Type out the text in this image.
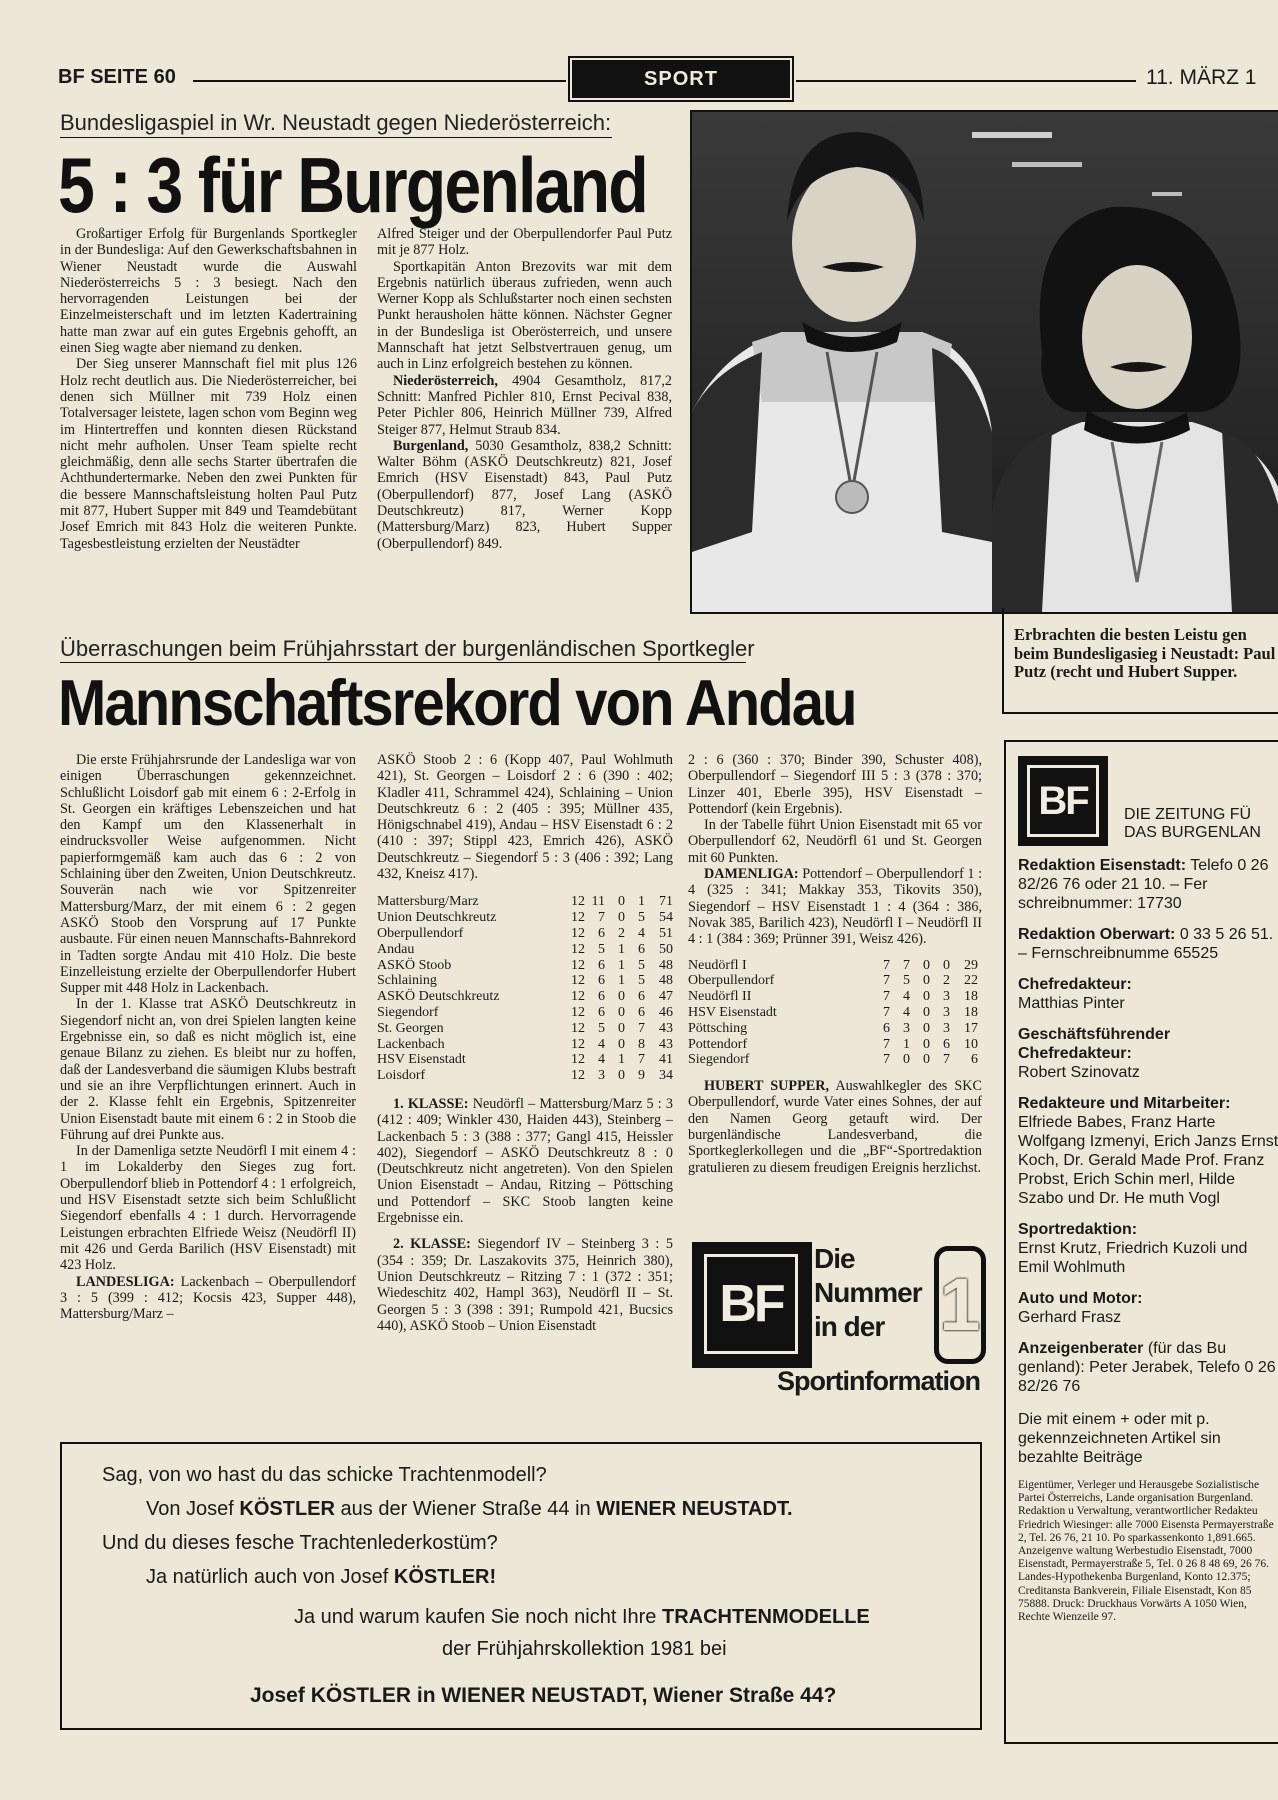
BF SEITE 60	SPORT	11. MÄRZ 1
Bundesligaspiel in Wr. Neustadt gegen Niederösterreich:
5 : 3 für Burgenland

Großartiger Erfolg für Burgenlands Sportkegler in der Bundesliga: Auf den Gewerkschaftsbahnen in Wiener Neustadt wurde die Auswahl Niederösterreichs 5 : 3 besiegt. Nach den hervorragenden Leistungen bei der Einzelmeisterschaft und im letzten Kadertraining hatte man zwar auf ein gutes Ergebnis gehofft, an einen Sieg wagte aber niemand zu denken.

Der Sieg unserer Mannschaft fiel mit plus 126 Holz recht deutlich aus. Die Niederösterreicher, bei denen sich Müllner mit 739 Holz einen Totalversager leistete, lagen schon vom Beginn weg im Hintertreffen und konnten diesen Rückstand nicht mehr aufholen. Unser Team spielte recht gleichmäßig, denn alle sechs Starter übertrafen die Achthundertermarke. Neben den zwei Punkten für die bessere Mannschaftsleistung holten Paul Putz mit 877, Hubert Supper mit 849 und Teamdebütant Josef Emrich mit 843 Holz die weiteren Punkte. Tagesbestleistung erzielten der Neustädter

Alfred Steiger und der Oberpullendorfer Paul Putz mit je 877 Holz.

Sportkapitän Anton Brezovits war mit dem Ergebnis natürlich überaus zufrieden, wenn auch Werner Kopp als Schlußstarter noch einen sechsten Punkt herausholen hätte können. Nächster Gegner in der Bundesliga ist Oberösterreich, und unsere Mannschaft hat jetzt Selbstvertrauen genug, um auch in Linz erfolgreich bestehen zu können.

Niederösterreich, 4904 Gesamtholz, 817,2 Schnitt: Manfred Pichler 810, Ernst Pecival 838, Peter Pichler 806, Heinrich Müllner 739, Alfred Steiger 877, Helmut Straub 834.

Burgenland, 5030 Gesamtholz, 838,2 Schnitt: Walter Böhm (ASKÖ Deutschkreutz) 821, Josef Emrich (HSV Eisenstadt) 843, Paul Putz (Oberpullendorf) 877, Josef Lang (ASKÖ Deutschkreutz) 817, Werner Kopp (Mattersburg/Marz) 823, Hubert Supper (Oberpullendorf) 849.

Erbrachten die besten Leistu gen beim Bundesligasieg i Neustadt: Paul Putz (recht und Hubert Supper.
Überraschungen beim Frühjahrsstart der burgenländischen Sportkegler
Mannschaftsrekord von Andau

Die erste Frühjahrsrunde der Landesliga war von einigen Überraschungen gekennzeichnet. Schlußlicht Loisdorf gab mit einem 6 : 2-Erfolg in St. Georgen ein kräftiges Lebenszeichen und hat den Kampf um den Klassenerhalt in eindrucksvoller Weise aufgenommen. Nicht papierformgemäß kam auch das 6 : 2 von Schlaining über den Zweiten, Union Deutschkreutz. Souverän nach wie vor Spitzenreiter Mattersburg/Marz, der mit einem 6 : 2 gegen ASKÖ Stoob den Vorsprung auf 17 Punkte ausbaute. Für einen neuen Mannschafts-Bahnrekord in Tadten sorgte Andau mit 410 Holz. Die beste Einzelleistung erzielte der Oberpullendorfer Hubert Supper mit 448 Holz in Lackenbach.

In der 1. Klasse trat ASKÖ Deutschkreutz in Siegendorf nicht an, von drei Spielen langten keine Ergebnisse ein, so daß es nicht möglich ist, eine genaue Bilanz zu ziehen. Es bleibt nur zu hoffen, daß der Landesverband die säumigen Klubs bestraft und sie an ihre Verpflichtungen erinnert. Auch in der 2. Klasse fehlt ein Ergebnis, Spitzenreiter Union Eisenstadt baute mit einem 6 : 2 in Stoob die Führung auf drei Punkte aus.

In der Damenliga setzte Neudörfl I mit einem 4 : 1 im Lokalderby den Sieges zug fort. Oberpullendorf blieb in Pottendorf 4 : 1 erfolgreich, und HSV Eisenstadt setzte sich beim Schlußlicht Siegendorf ebenfalls 4 : 1 durch. Hervorragende Leistungen erbrachten Elfriede Weisz (Neudörfl II) mit 426 und Gerda Barilich (HSV Eisenstadt) mit 423 Holz.

LANDESLIGA: Lackenbach – Oberpullendorf 3 : 5 (399 : 412; Kocsis 423, Supper 448), Mattersburg/Marz –

ASKÖ Stoob 2 : 6 (Kopp 407, Paul Wohlmuth 421), St. Georgen – Loisdorf 2 : 6 (390 : 402; Kladler 411, Schrammel 424), Schlaining – Union Deutschkreutz 6 : 2 (405 : 395; Müllner 435, Hönigschnabel 419), Andau – HSV Eisenstadt 6 : 2 (410 : 397; Stippl 423, Emrich 426), ASKÖ Deutschkreutz – Siegendorf 5 : 3 (406 : 392; Lang 432, Kneisz 417).

Mattersburg/Marz	12	11	0	1	71
Union Deutschkreutz	12	7	0	5	54
Oberpullendorf	12	6	2	4	51
Andau	12	5	1	6	50
ASKÖ Stoob	12	6	1	5	48
Schlaining	12	6	1	5	48
ASKÖ Deutschkreutz	12	6	0	6	47
Siegendorf	12	6	0	6	46
St. Georgen	12	5	0	7	43
Lackenbach	12	4	0	8	43
HSV Eisenstadt	12	4	1	7	41
Loisdorf	12	3	0	9	34

1. KLASSE: Neudörfl – Mattersburg/Marz 5 : 3 (412 : 409; Winkler 430, Haiden 443), Steinberg – Lackenbach 5 : 3 (388 : 377; Gangl 415, Heissler 402), Siegendorf – ASKÖ Deutschkreutz 8 : 0 (Deutschkreutz nicht angetreten). Von den Spielen Union Eisenstadt – Andau, Ritzing – Pöttsching und Pottendorf – SKC Stoob langten keine Ergebnisse ein.

2. KLASSE: Siegendorf IV – Steinberg 3 : 5 (354 : 359; Dr. Laszakovits 375, Heinrich 380), Union Deutschkreutz – Ritzing 7 : 1 (372 : 351; Wiedeschitz 402, Hampl 363), Neudörfl II – St. Georgen 5 : 3 (398 : 391; Rumpold 421, Bucsics 440), ASKÖ Stoob – Union Eisenstadt

2 : 6 (360 : 370; Binder 390, Schuster 408), Oberpullendorf – Siegendorf III 5 : 3 (378 : 370; Linzer 401, Eberle 395), HSV Eisenstadt – Pottendorf (kein Ergebnis).

In der Tabelle führt Union Eisenstadt mit 65 vor Oberpullendorf 62, Neudörfl 61 und St. Georgen mit 60 Punkten.

DAMENLIGA: Pottendorf – Oberpullendorf 1 : 4 (325 : 341; Makkay 353, Tikovits 350), Siegendorf – HSV Eisenstadt 1 : 4 (364 : 386, Novak 385, Barilich 423), Neudörfl I – Neudörfl II 4 : 1 (384 : 369; Prünner 391, Weisz 426).

Neudörfl I	7	7	0	0	29
Oberpullendorf	7	5	0	2	22
Neudörfl II	7	4	0	3	18
HSV Eisenstadt	7	4	0	3	18
Pöttsching	6	3	0	3	17
Pottendorf	7	1	0	6	10
Siegendorf	7	0	0	7	6

HUBERT SUPPER, Auswahlkegler des SKC Oberpullendorf, wurde Vater eines Sohnes, der auf den Namen Georg getauft wird. Der burgenländische Landesverband, die Sportkeglerkollegen und die „BF“-Sportredaktion gratulieren zu diesem freudigen Ereignis herzlichst.

BF
Die
Nummer
in der 1
Sportinformation
Sag, von wo hast du das schicke Trachtenmodell?
Von Josef KÖSTLER aus der Wiener Straße 44 in WIENER NEUSTADT.
Und du dieses fesche Trachtenlederkostüm?
Ja natürlich auch von Josef KÖSTLER!
Ja und warum kaufen Sie noch nicht Ihre TRACHTENMODELLE
der Frühjahrskollektion 1981 bei
Josef KÖSTLER in WIENER NEUSTADT, Wiener Straße 44?
BF	DIE ZEITUNG FÜ
DAS BURGENLAN

Redaktion Eisenstadt: Telefo 0 26 82/26 76 oder 21 10. – Fer schreibnummer: 17730

Redaktion Oberwart: 0 33 5 26 51. – Fernschreibnumme 65525

Chefredakteur:
Matthias Pinter

Geschäftsführender Chefredakteur:
Robert Szinovatz

Redakteure und Mitarbeiter:
Elfriede Babes, Franz Harte Wolfgang Izmenyi, Erich Janzs Ernst Koch, Dr. Gerald Made Prof. Franz Probst, Erich Schin merl, Hilde Szabo und Dr. He muth Vogl

Sportredaktion:
Ernst Krutz, Friedrich Kuzoli und Emil Wohlmuth

Auto und Motor:
Gerhard Frasz

Anzeigenberater (für das Bu genland): Peter Jerabek, Telefo 0 26 82/26 76

Die mit einem + oder mit p. gekennzeichneten Artikel sin bezahlte Beiträge

Eigentümer, Verleger und Herausgebe Sozialistische Partei Österreichs, Lande organisation Burgenland. Redaktion u Verwaltung, verantwortlicher Redakteu Friedrich Wiesinger: alle 7000 Eisensta Permayerstraße 2, Tel. 26 76, 21 10. Po sparkassenkonto 1,891.665. Anzeigenve waltung Werbestudio Eisenstadt, 7000 Eisenstadt, Permayerstraße 5, Tel. 0 26 8 48 69, 26 76. Landes-Hypothekenba Burgenland, Konto 12.375; Creditansta Bankverein, Filiale Eisenstadt, Kon 85 75888. Druck: Druckhaus Vorwärts A 1050 Wien, Rechte Wienzeile 97.
